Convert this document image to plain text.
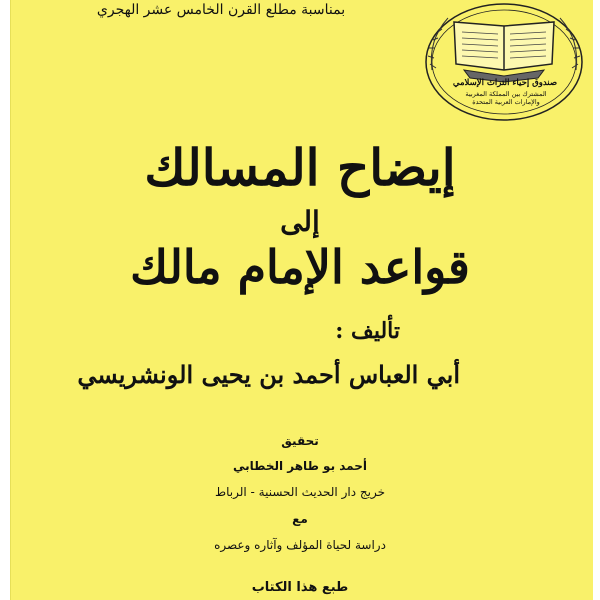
بمناسبة مطلع القرن الخامس عشر الهجري
صندوق إحياء التراث الإسلامي
المشترك بين المملكة المغربية والإمارات العربية المتحدة
إيضاح المسالك
إلى
قواعد الإمام مالك
تأليف :
أبي العباس أحمد بن يحيى الونشريسي
تحقيق
أحمد بو طاهر الخطابي
خريج دار الحديث الحسنية - الرباط
مع
دراسة لحياة المؤلف وآثاره وعصره
طبع هذا الكتاب
